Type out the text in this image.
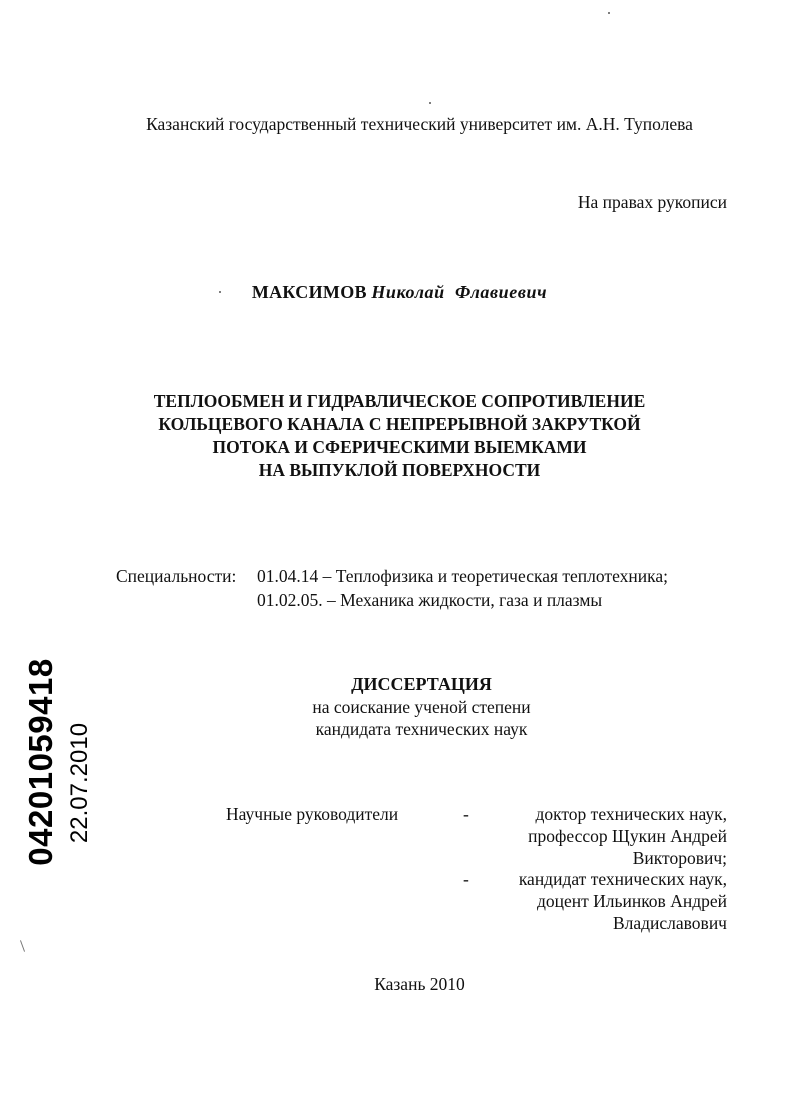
Казанский государственный технический университет им. А.Н. Туполева
На правах рукописи
МАКСИМОВ Николай  Флавиевич
ТЕПЛООБМЕН И ГИДРАВЛИЧЕСКОЕ СОПРОТИВЛЕНИЕ
КОЛЬЦЕВОГО КАНАЛА С НЕПРЕРЫВНОЙ ЗАКРУТКОЙ
ПОТОКА И СФЕРИЧЕСКИМИ ВЫЕМКАМИ
НА ВЫПУКЛОЙ ПОВЕРХНОСТИ
Специальности: 01.04.14 – Теплофизика и теоретическая теплотехника;
01.02.05. – Механика жидкости, газа и плазмы
ДИССЕРТАЦИЯ
на соискание ученой степени
кандидата технических наук
Научные руководители	-
-
доктор технических наук,
профессор Щукин Андрей
Викторович;
кандидат технических наук,
доцент Ильинков Андрей
Владиславович
Казань 2010
04201059418 22.07.2010
